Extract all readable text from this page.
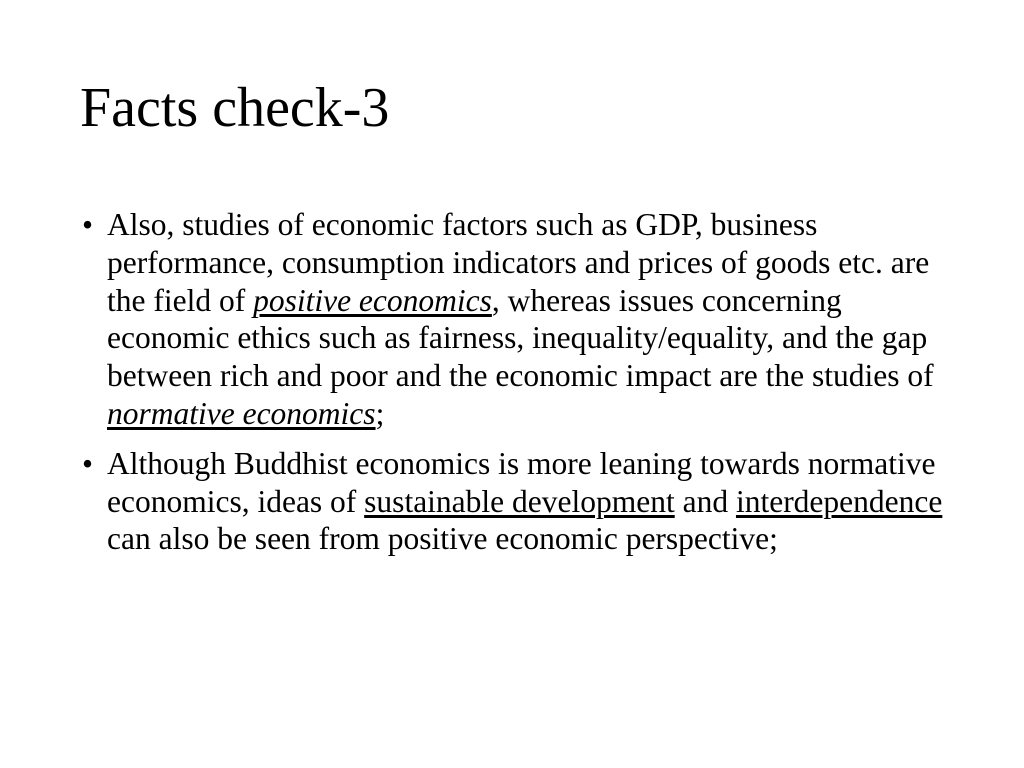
Facts check-3
• Also, studies of economic factors such as GDP, business performance, consumption indicators and prices of goods etc. are the field of positive economics, whereas issues concerning economic ethics such as fairness, inequality/equality, and the gap between rich and poor and the economic impact are the studies of normative economics;
• Although Buddhist economics is more leaning towards normative economics, ideas of sustainable development and interdependence can also be seen from positive economic perspective;
